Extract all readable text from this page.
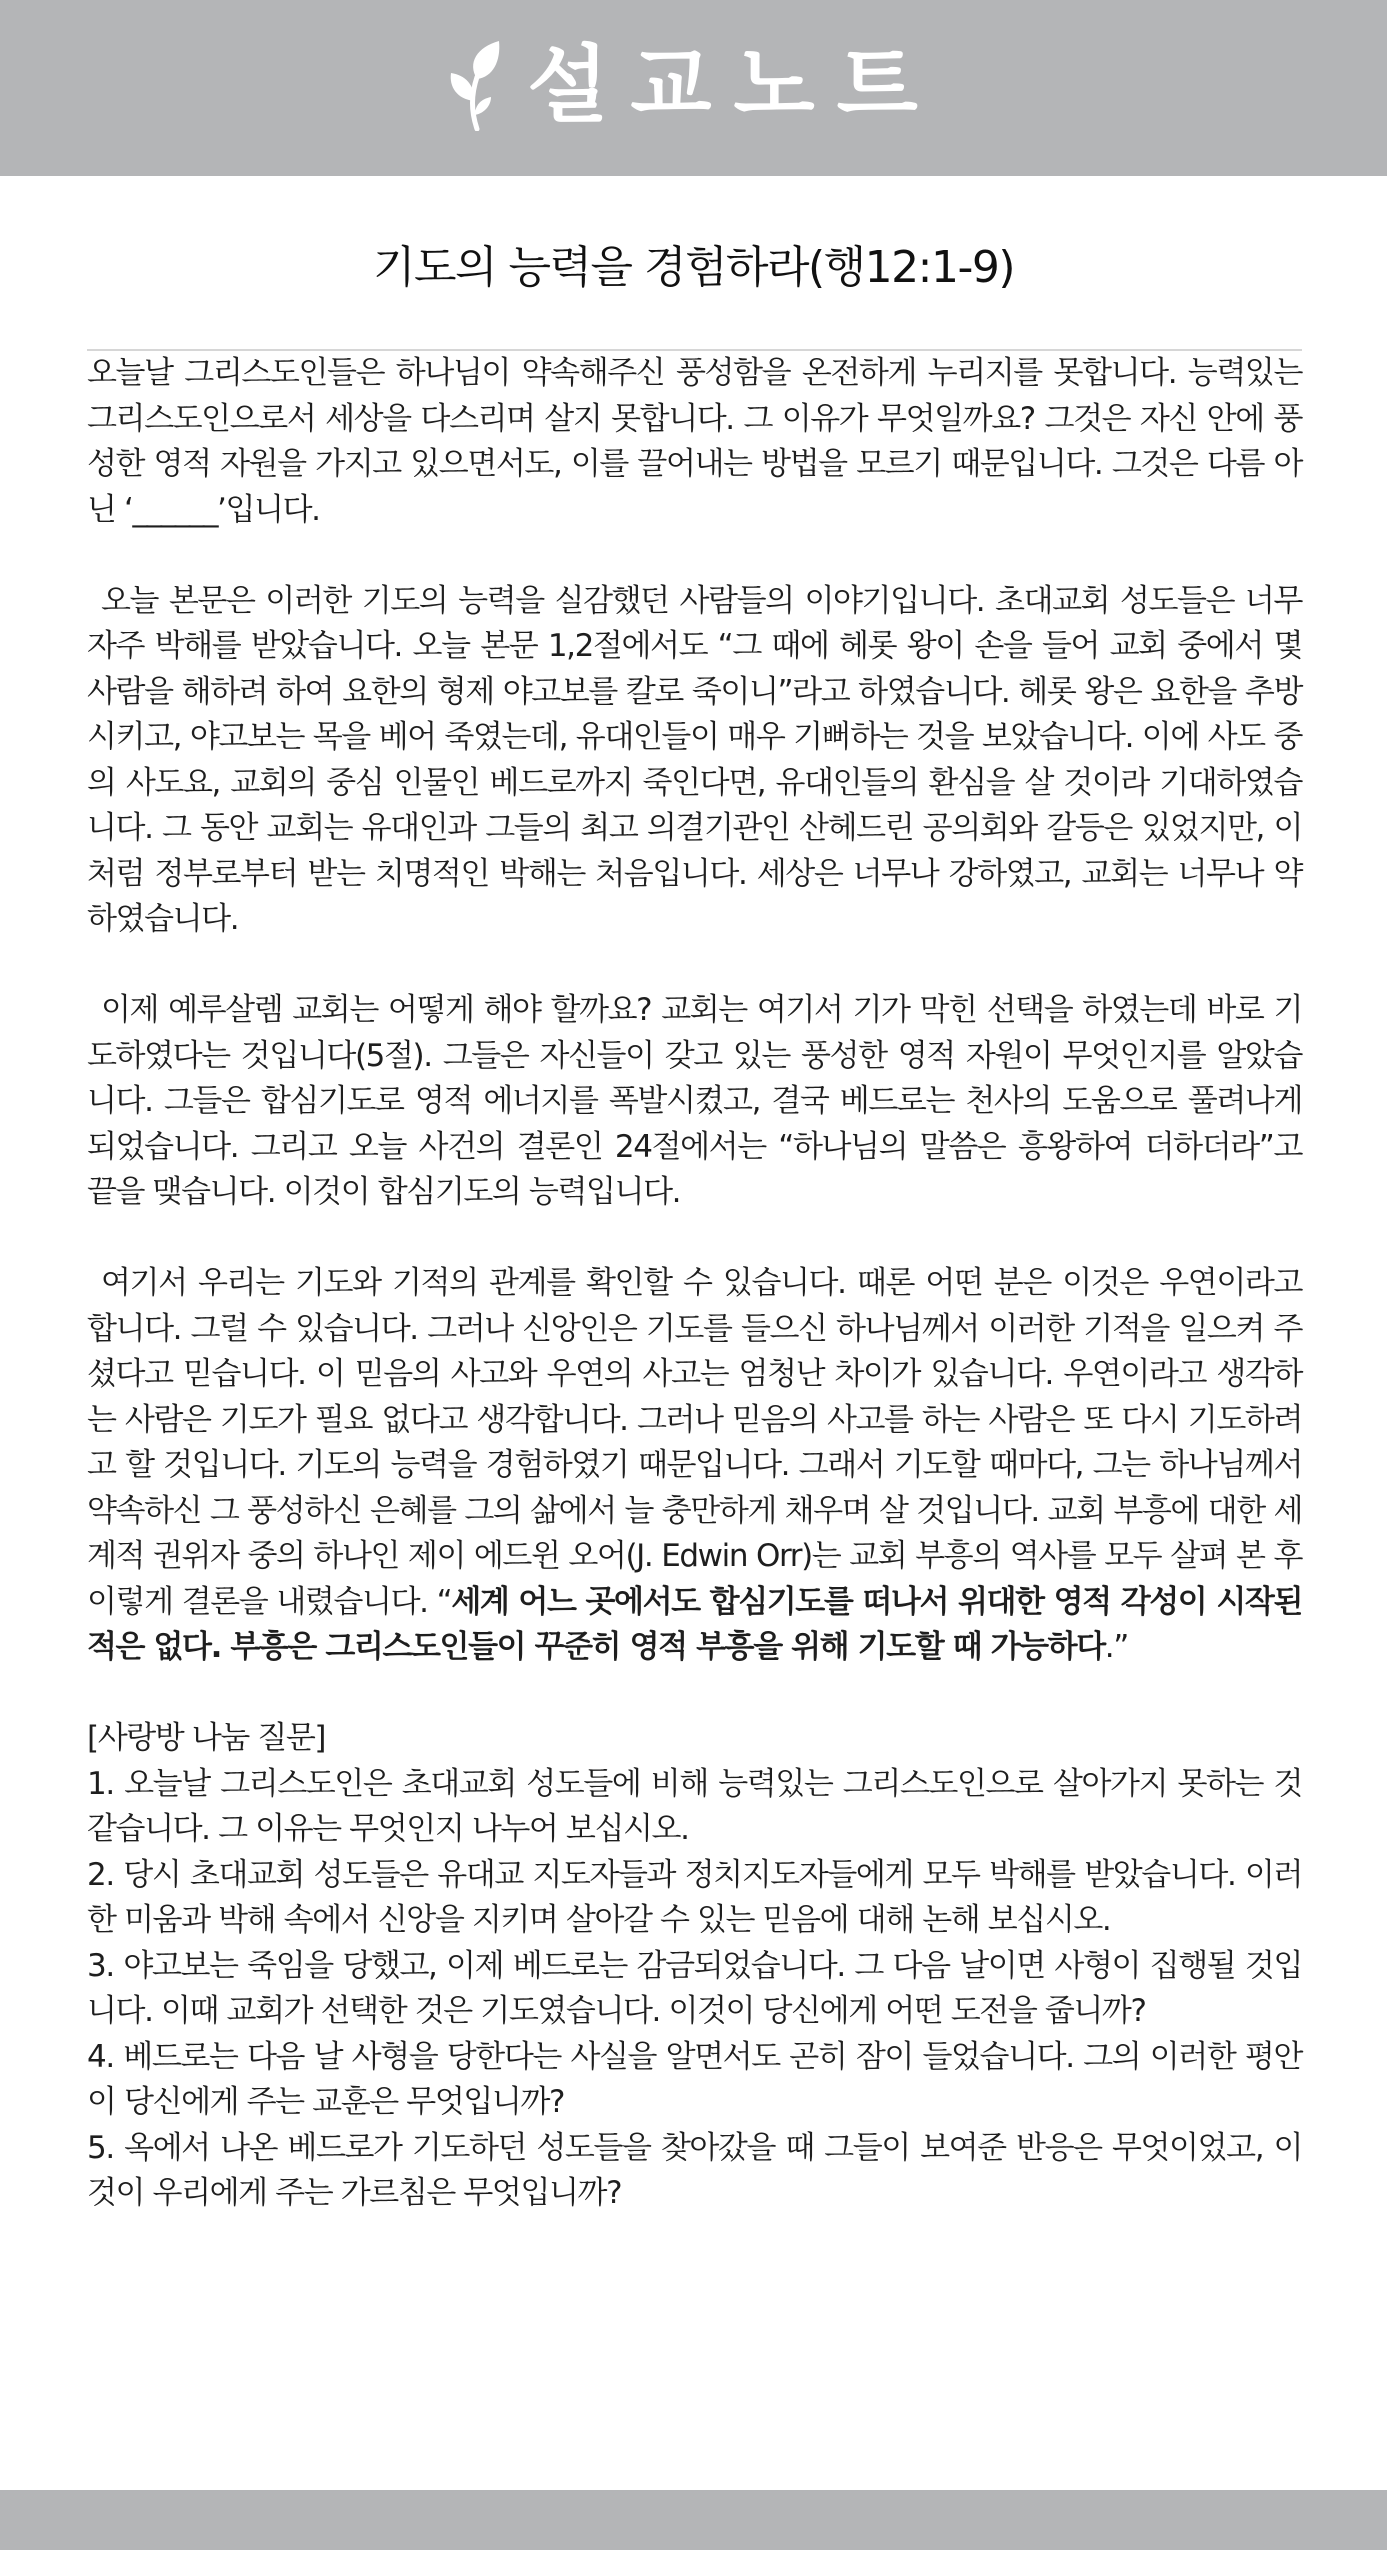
설교노트
기도의 능력을 경험하라(행12:1-9)

오늘날 그리스도인들은 하나님이 약속해주신 풍성함을 온전하게 누리지를 못합니다. 능력있는 그리스도인으로서 세상을 다스리며 살지 못합니다. 그 이유가 무엇일까요? 그것은 자신 안에 풍성한 영적 자원을 가지고 있으면서도, 이를 끌어내는 방법을 모르기 때문입니다. 그것은 다름 아닌 ‘______’입니다.

오늘 본문은 이러한 기도의 능력을 실감했던 사람들의 이야기입니다. 초대교회 성도들은 너무 자주 박해를 받았습니다. 오늘 본문 1,2절에서도 “그 때에 헤롯 왕이 손을 들어 교회 중에서 몇 사람을 해하려 하여 요한의 형제 야고보를 칼로 죽이니”라고 하였습니다. 헤롯 왕은 요한을 추방시키고, 야고보는 목을 베어 죽였는데, 유대인들이 매우 기뻐하는 것을 보았습니다. 이에 사도 중의 사도요, 교회의 중심 인물인 베드로까지 죽인다면, 유대인들의 환심을 살 것이라 기대하였습니다. 그 동안 교회는 유대인과 그들의 최고 의결기관인 산헤드린 공의회와 갈등은 있었지만, 이처럼 정부로부터 받는 치명적인 박해는 처음입니다. 세상은 너무나 강하였고, 교회는 너무나 약하였습니다.

이제 예루살렘 교회는 어떻게 해야 할까요? 교회는 여기서 기가 막힌 선택을 하였는데 바로 기도하였다는 것입니다(5절). 그들은 자신들이 갖고 있는 풍성한 영적 자원이 무엇인지를 알았습니다. 그들은 합심기도로 영적 에너지를 폭발시켰고, 결국 베드로는 천사의 도움으로 풀려나게 되었습니다. 그리고 오늘 사건의 결론인 24절에서는 “하나님의 말씀은 흥왕하여 더하더라”고 끝을 맺습니다. 이것이 합심기도의 능력입니다.

여기서 우리는 기도와 기적의 관계를 확인할 수 있습니다. 때론 어떤 분은 이것은 우연이라고 합니다. 그럴 수 있습니다. 그러나 신앙인은 기도를 들으신 하나님께서 이러한 기적을 일으켜 주셨다고 믿습니다. 이 믿음의 사고와 우연의 사고는 엄청난 차이가 있습니다. 우연이라고 생각하는 사람은 기도가 필요 없다고 생각합니다. 그러나 믿음의 사고를 하는 사람은 또 다시 기도하려고 할 것입니다. 기도의 능력을 경험하였기 때문입니다. 그래서 기도할 때마다, 그는 하나님께서 약속하신 그 풍성하신 은혜를 그의 삶에서 늘 충만하게 채우며 살 것입니다. 교회 부흥에 대한 세계적 권위자 중의 하나인 제이 에드윈 오어(J. Edwin Orr)는 교회 부흥의 역사를 모두 살펴 본 후 이렇게 결론을 내렸습니다. “세계 어느 곳에서도 합심기도를 떠나서 위대한 영적 각성이 시작된 적은 없다. 부흥은 그리스도인들이 꾸준히 영적 부흥을 위해 기도할 때 가능하다.”

[사랑방 나눔 질문]

1. 오늘날 그리스도인은 초대교회 성도들에 비해 능력있는 그리스도인으로 살아가지 못하는 것 같습니다. 그 이유는 무엇인지 나누어 보십시오.

2. 당시 초대교회 성도들은 유대교 지도자들과 정치지도자들에게 모두 박해를 받았습니다. 이러한 미움과 박해 속에서 신앙을 지키며 살아갈 수 있는 믿음에 대해 논해 보십시오.

3. 야고보는 죽임을 당했고, 이제 베드로는 감금되었습니다. 그 다음 날이면 사형이 집행될 것입니다. 이때 교회가 선택한 것은 기도였습니다. 이것이 당신에게 어떤 도전을 줍니까?

4. 베드로는 다음 날 사형을 당한다는 사실을 알면서도 곤히 잠이 들었습니다. 그의 이러한 평안이 당신에게 주는 교훈은 무엇입니까?

5. 옥에서 나온 베드로가 기도하던 성도들을 찾아갔을 때 그들이 보여준 반응은 무엇이었고, 이것이 우리에게 주는 가르침은 무엇입니까?
